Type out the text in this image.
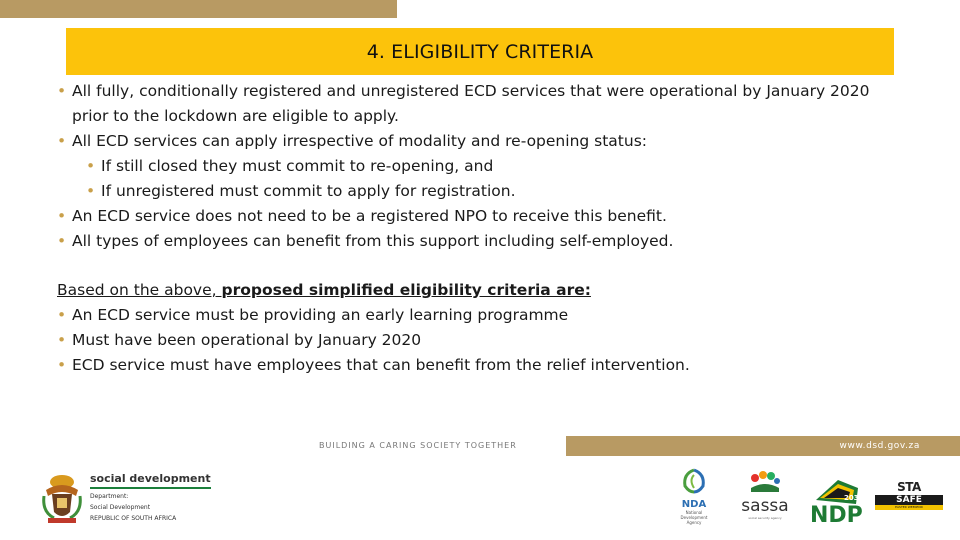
4. ELIGIBILITY CRITERIA
• All fully, conditionally registered and unregistered ECD services that were operational by January 2020 prior to the lockdown are eligible to apply.
• All ECD services can apply irrespective of modality and re-opening status:
• If still closed they must commit to re-opening, and
• If unregistered must commit to apply for registration.
• An ECD service does not need to be a registered NPO to receive this benefit.
• All types of employees can benefit from this support including self-employed.
Based on the above, proposed simplified eligibility criteria are:
• An ECD service must be providing an early learning programme
• Must have been operational by January 2020
• ECD service must have employees that can benefit from the relief intervention.
BUILDING A CARING SOCIETY TOGETHER	www.dsd.gov.za
social development
Department:
Social Development
REPUBLIC OF SOUTH AFRICA
NDA
National Development Agency
sassa
social security agency
2030
NDP
STA
SAFE
EASTER WEEKEND
